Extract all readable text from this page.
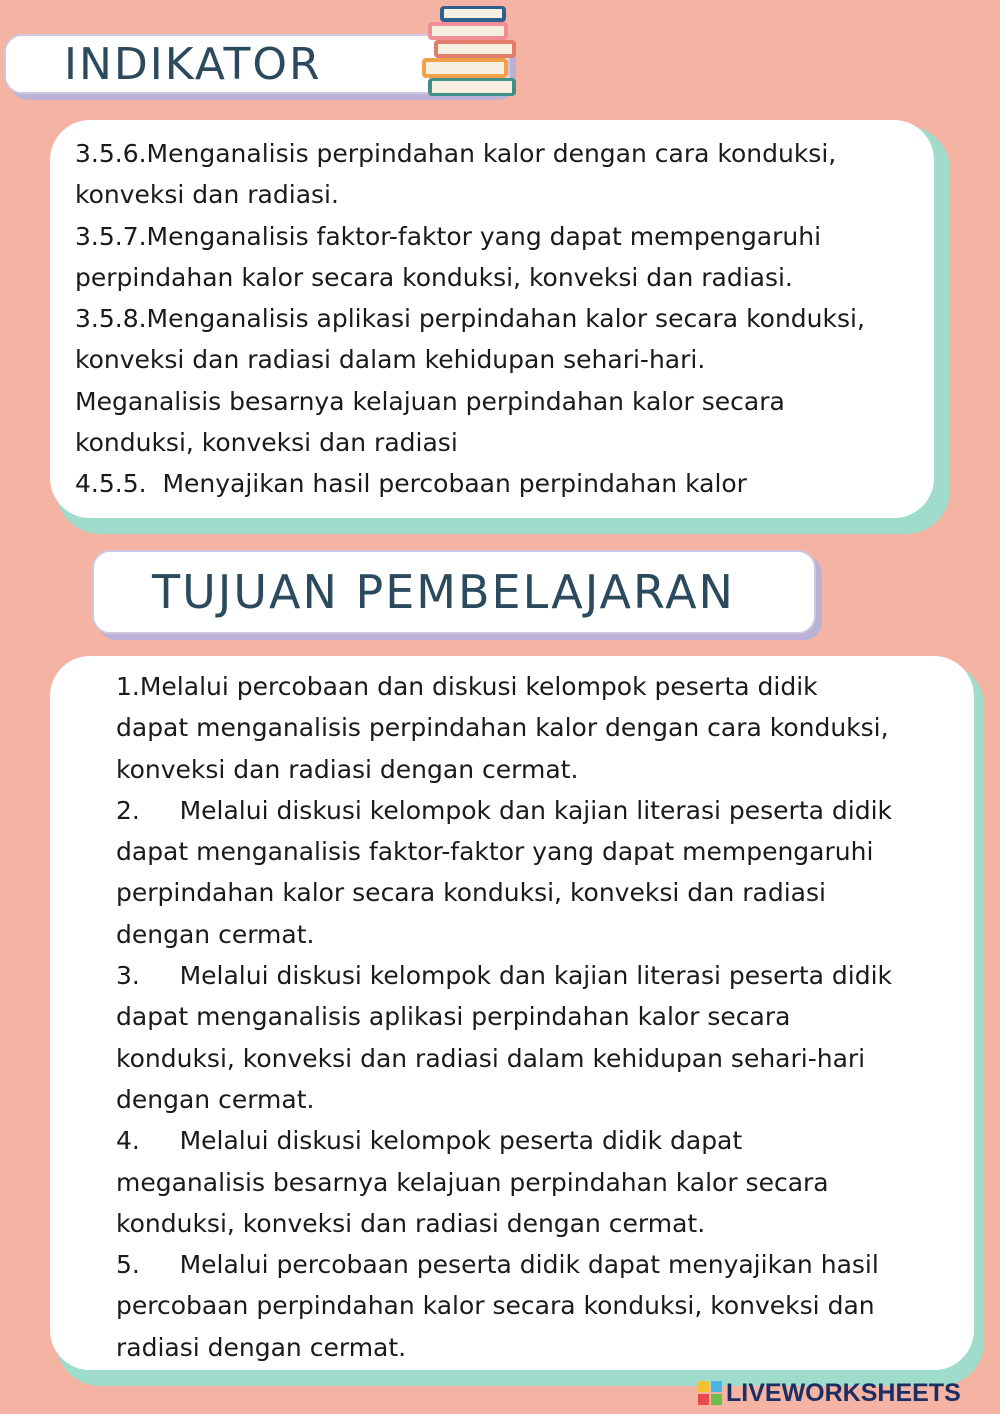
INDIKATOR
3.5.6.Menganalisis perpindahan kalor dengan cara konduksi,
konveksi dan radiasi.
3.5.7.Menganalisis faktor-faktor yang dapat mempengaruhi
perpindahan kalor secara konduksi, konveksi dan radiasi.
3.5.8.Menganalisis aplikasi perpindahan kalor secara konduksi,
konveksi dan radiasi dalam kehidupan sehari-hari.
Meganalisis besarnya kelajuan perpindahan kalor secara
konduksi, konveksi dan radiasi
4.5.5.  Menyajikan hasil percobaan perpindahan kalor
TUJUAN PEMBELAJARAN
1.Melalui percobaan dan diskusi kelompok peserta didik
dapat menganalisis perpindahan kalor dengan cara konduksi,
konveksi dan radiasi dengan cermat.
2.     Melalui diskusi kelompok dan kajian literasi peserta didik
dapat menganalisis faktor-faktor yang dapat mempengaruhi
perpindahan kalor secara konduksi, konveksi dan radiasi
dengan cermat.
3.     Melalui diskusi kelompok dan kajian literasi peserta didik
dapat menganalisis aplikasi perpindahan kalor secara
konduksi, konveksi dan radiasi dalam kehidupan sehari-hari
dengan cermat.
4.     Melalui diskusi kelompok peserta didik dapat
meganalisis besarnya kelajuan perpindahan kalor secara
konduksi, konveksi dan radiasi dengan cermat.
5.     Melalui percobaan peserta didik dapat menyajikan hasil
percobaan perpindahan kalor secara konduksi, konveksi dan
radiasi dengan cermat.
LIVEWORKSHEETS
